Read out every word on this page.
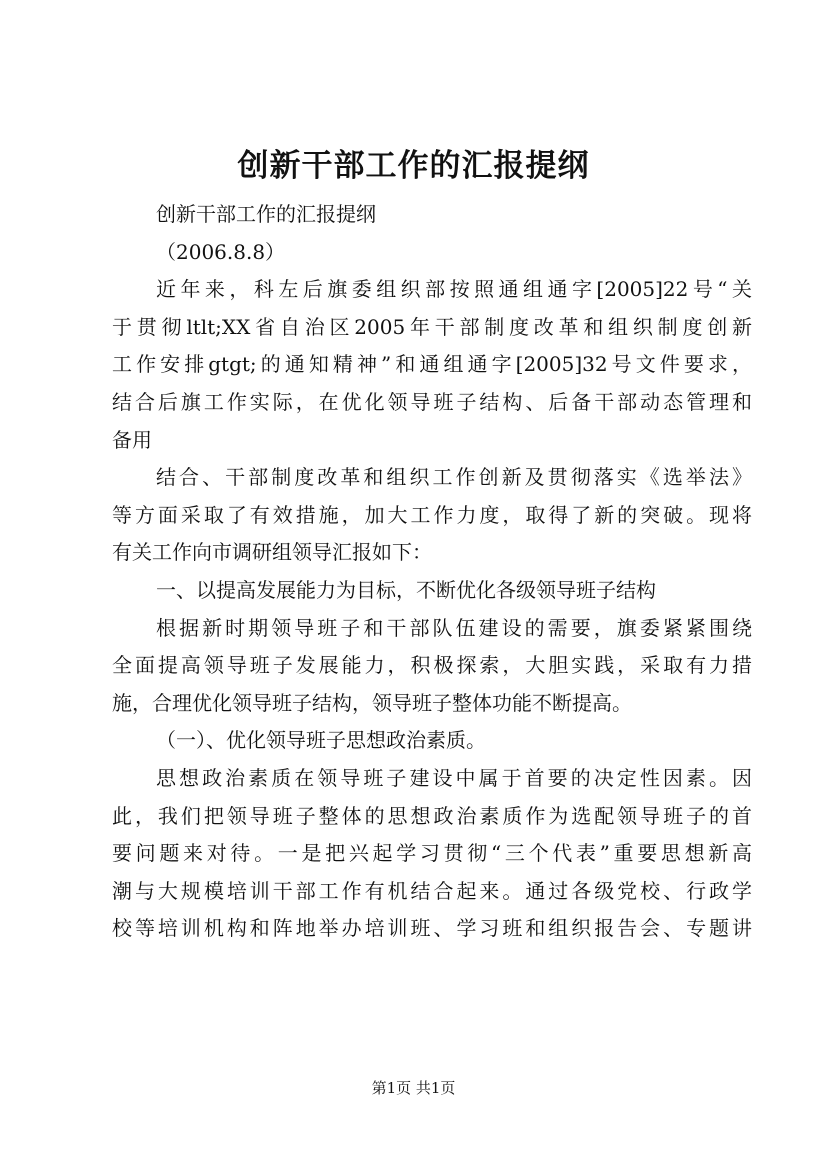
创新干部工作的汇报提纲
创新干部工作的汇报提纲
（2006.8.8）
近年来，科左后旗委组织部按照通组通字[2005]22号“关
于贯彻ltlt;XX省自治区2005年干部制度改革和组织制度创新
工作安排gtgt;的通知精神”和通组通字[2005]32号文件要求，
结合后旗工作实际，在优化领导班子结构、后备干部动态管理和
备用
结合、干部制度改革和组织工作创新及贯彻落实《选举法》
等方面采取了有效措施，加大工作力度，取得了新的突破。现将
有关工作向市调研组领导汇报如下：
一、以提高发展能力为目标，不断优化各级领导班子结构
根据新时期领导班子和干部队伍建设的需要，旗委紧紧围绕
全面提高领导班子发展能力，积极探索，大胆实践，采取有力措
施，合理优化领导班子结构，领导班子整体功能不断提高。
（一）、优化领导班子思想政治素质。
思想政治素质在领导班子建设中属于首要的决定性因素。因
此，我们把领导班子整体的思想政治素质作为选配领导班子的首
要问题来对待。一是把兴起学习贯彻“三个代表”重要思想新高
潮与大规模培训干部工作有机结合起来。通过各级党校、行政学
校等培训机构和阵地举办培训班、学习班和组织报告会、专题讲
第1页 共1页
